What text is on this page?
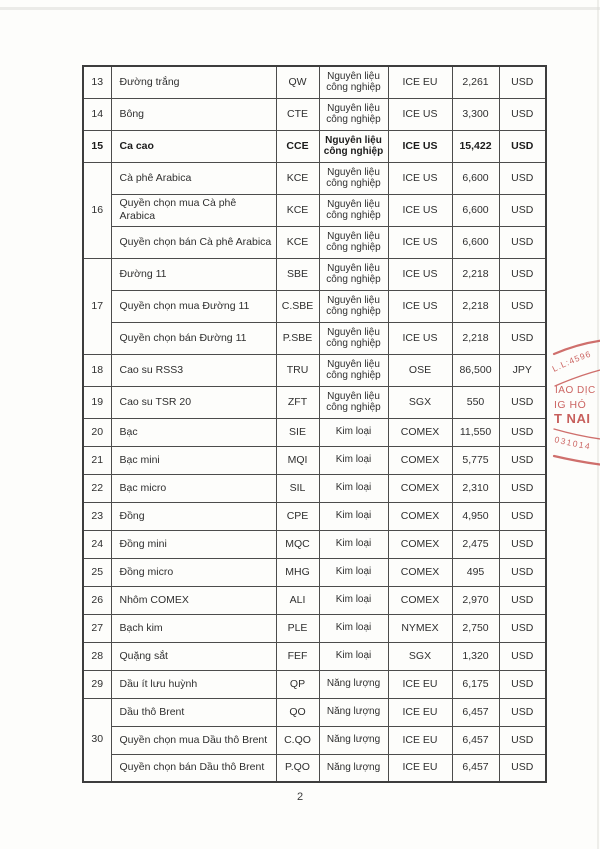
13	Đường trắng	QW	Nguyên liệu công nghiệp	ICE EU	2,261	USD
14	Bông	CTE	Nguyên liệu công nghiệp	ICE US	3,300	USD
15	Ca cao	CCE	Nguyên liệu công nghiệp	ICE US	15,422	USD
16	Cà phê Arabica	KCE	Nguyên liệu công nghiệp	ICE US	6,600	USD
	Quyền chọn mua Cà phê Arabica	KCE	Nguyên liệu công nghiệp	ICE US	6,600	USD
	Quyền chọn bán Cà phê Arabica	KCE	Nguyên liệu công nghiệp	ICE US	6,600	USD
17	Đường 11	SBE	Nguyên liệu công nghiệp	ICE US	2,218	USD
	Quyền chọn mua Đường 11	C.SBE	Nguyên liệu công nghiệp	ICE US	2,218	USD
	Quyền chọn bán Đường 11	P.SBE	Nguyên liệu công nghiệp	ICE US	2,218	USD
18	Cao su RSS3	TRU	Nguyên liệu công nghiệp	OSE	86,500	JPY
19	Cao su TSR 20	ZFT	Nguyên liệu công nghiệp	SGX	550	USD
20	Bạc	SIE	Kim loại	COMEX	11,550	USD
21	Bạc mini	MQI	Kim loại	COMEX	5,775	USD
22	Bạc micro	SIL	Kim loại	COMEX	2,310	USD
23	Đồng	CPE	Kim loại	COMEX	4,950	USD
24	Đồng mini	MQC	Kim loại	COMEX	2,475	USD
25	Đồng micro	MHG	Kim loại	COMEX	495	USD
26	Nhôm COMEX	ALI	Kim loại	COMEX	2,970	USD
27	Bạch kim	PLE	Kim loại	NYMEX	2,750	USD
28	Quặng sắt	FEF	Kim loại	SGX	1,320	USD
29	Dầu ít lưu huỳnh	QP	Năng lượng	ICE EU	6,175	USD
30	Dầu thô Brent	QO	Năng lượng	ICE EU	6,457	USD
	Quyền chọn mua Dầu thô Brent	C.QO	Năng lượng	ICE EU	6,457	USD
	Quyền chọn bán Dầu thô Brent	P.QO	Năng lượng	ICE EU	6,457	USD
L.L:4596
IAO DỊC
IG HÓ
T NAI
031014
2
